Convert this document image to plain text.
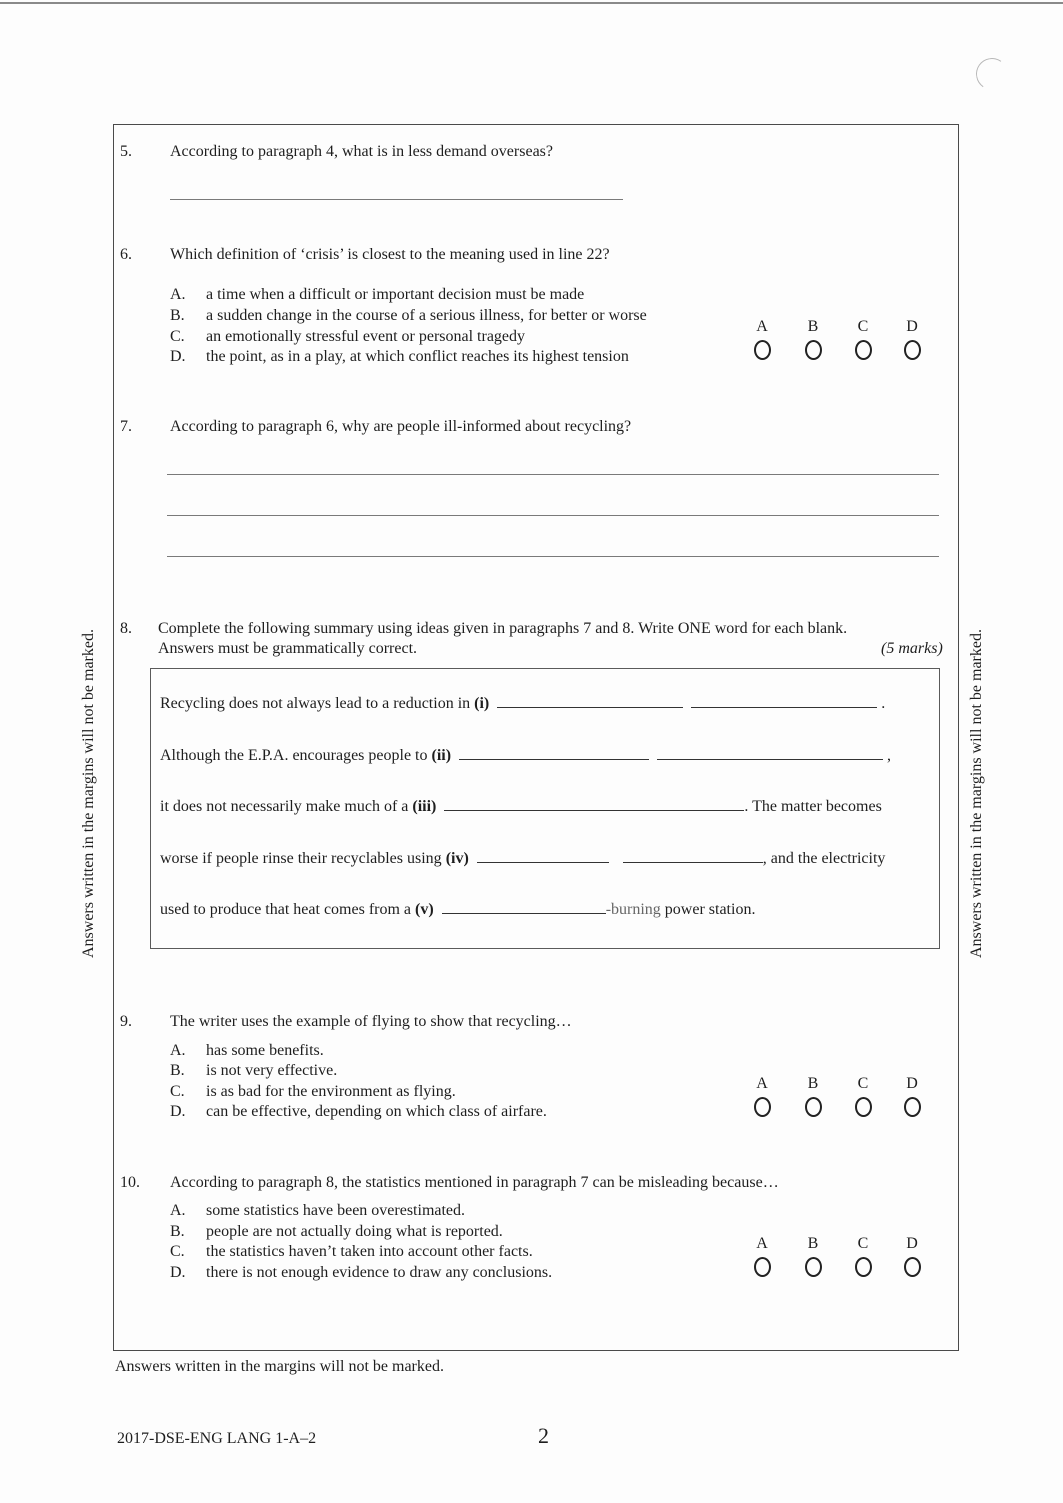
Answers written in the margins will not be marked.	Answers written in the margins will not be marked.
5. According to paragraph 4, what is in less demand overseas?
6. Which definition of ‘crisis’ is closest to the meaning used in line 22?
A. a time when a difficult or important decision must be made
B. a sudden change in the course of a serious illness, for better or worse
C. an emotionally stressful event or personal tragedy
D. the point, as in a play, at which conflict reaches its highest tension
A	B	C	D
7. According to paragraph 6, why are people ill-informed about recycling?
8. Complete the following summary using ideas given in paragraphs 7 and 8. Write ONE word for each blank.
Answers must be grammatically correct.	(5 marks)
Recycling does not always lead to a reduction in (i)	.
Although the E.P.A. encourages people to (ii)	,
it does not necessarily make much of a (iii)	. The matter becomes
worse if people rinse their recyclables using (iv)	, and the electricity
used to produce that heat comes from a (v)	-burning power station.
9. The writer uses the example of flying to show that recycling…
A. has some benefits.
B. is not very effective.
C. is as bad for the environment as flying.
D. can be effective, depending on which class of airfare.
A	B	C	D
10. According to paragraph 8, the statistics mentioned in paragraph 7 can be misleading because…
A. some statistics have been overestimated.
B. people are not actually doing what is reported.
C. the statistics haven’t taken into account other facts.
D. there is not enough evidence to draw any conclusions.
A	B	C	D
Answers written in the margins will not be marked.
2017-DSE-ENG LANG 1-A–2	2
